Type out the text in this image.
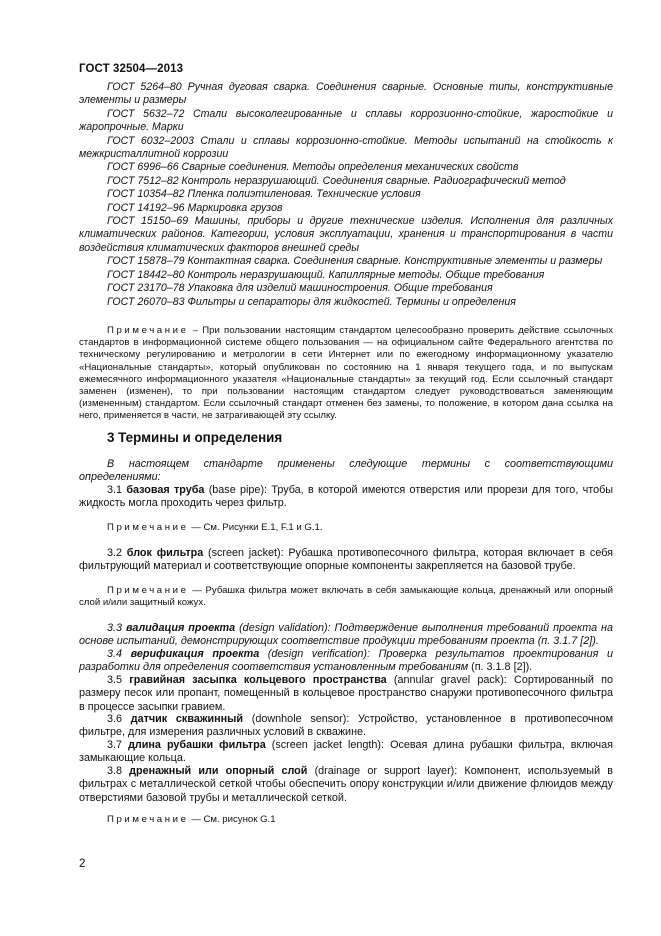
ГОСТ 32504—2013

ГОСТ 5264–80 Ручная дуговая сварка. Соединения сварные. Основные типы, конструктивные элементы и размеры

ГОСТ 5632–72 Стали высоколегированные и сплавы коррозионно-стойкие, жаростойкие и жаропрочные. Марки

ГОСТ 6032–2003 Стали и сплавы коррозионно-стойкие. Методы испытаний на стойкость к межкристаллитной коррозии

ГОСТ 6996–66 Сварные соединения. Методы определения механических свойств

ГОСТ 7512–82 Контроль неразрушающий. Соединения сварные. Радиографический метод

ГОСТ 10354–82 Пленка полиэтиленовая. Технические условия

ГОСТ 14192–96 Маркировка грузов

ГОСТ 15150–69 Машины, приборы и другие технические изделия. Исполнения для различных климатических районов. Категории, условия эксплуатации, хранения и транспортирования в части воздействия климатических факторов внешней среды

ГОСТ 15878–79 Контактная сварка. Соединения сварные. Конструктивные элементы и размеры

ГОСТ 18442–80 Контроль неразрушающий. Капиллярные методы. Общие требования

ГОСТ 23170–78 Упаковка для изделий машиностроения. Общие требования

ГОСТ 26070–83 Фильтры и сепараторы для жидкостей. Термины и определения

Примечание – При пользовании настоящим стандартом целесообразно проверить действие ссылочных стандартов в информационной системе общего пользования — на официальном сайте Федерального агентства по техническому регулированию и метрологии в сети Интернет или по ежегодному информационному указателю «Национальные стандарты», который опубликован по состоянию на 1 января текущего года, и по выпускам ежемесячного информационного указателя «Национальные стандарты» за текущий год. Если ссылочный стандарт заменен (изменен), то при пользовании настоящим стандартом следует руководствоваться заменяющим (измененным) стандартом. Если ссылочный стандарт отменен без замены, то положение, в котором дана ссылка на него, применяется в части, не затрагивающей эту ссылку.

3 Термины и определения

В настоящем стандарте применены следующие термины с соответствующими определениями:

3.1 базовая труба (base pipe): Труба, в которой имеются отверстия или прорези для того, чтобы жидкость могла проходить через фильтр.

Примечание — См. Рисунки Е.1, F.1 и G.1.

3.2 блок фильтра (screen jacket): Рубашка противопесочного фильтра, которая включает в себя фильтрующий материал и соответствующие опорные компоненты закрепляется на базовой трубе.

Примечание — Рубашка фильтра может включать в себя замыкающие кольца, дренажный или опорный слой и/или защитный кожух.

3.3 валидация проекта (design validation): Подтверждение выполнения требований проекта на основе испытаний, демонстрирующих соответствие продукции требованиям проекта (п. 3.1.7 [2]).

3.4 верификация проекта (design verification): Проверка результатов проектирования и разработки для определения соответствия установленным требованиям (п. 3.1.8 [2]).

3.5 гравийная засыпка кольцевого пространства (annular gravel pack): Сортированный по размеру песок или пропант, помещенный в кольцевое пространство снаружи противопесочного фильтра в процессе засыпки гравием.

3.6 датчик скважинный (downhole sensor): Устройство, установленное в противопесочном фильтре, для измерения различных условий в скважине.

3.7 длина рубашки фильтра (screen jacket length): Осевая длина рубашки фильтра, включая замыкающие кольца.

3.8 дренажный или опорный слой (drainage or support layer): Компонент, используемый в фильтрах с металлической сеткой чтобы обеспечить опору конструкции и/или движение флюидов между отверстиями базовой трубы и металлической сеткой.

Примечание — См. рисунок G.1

2
